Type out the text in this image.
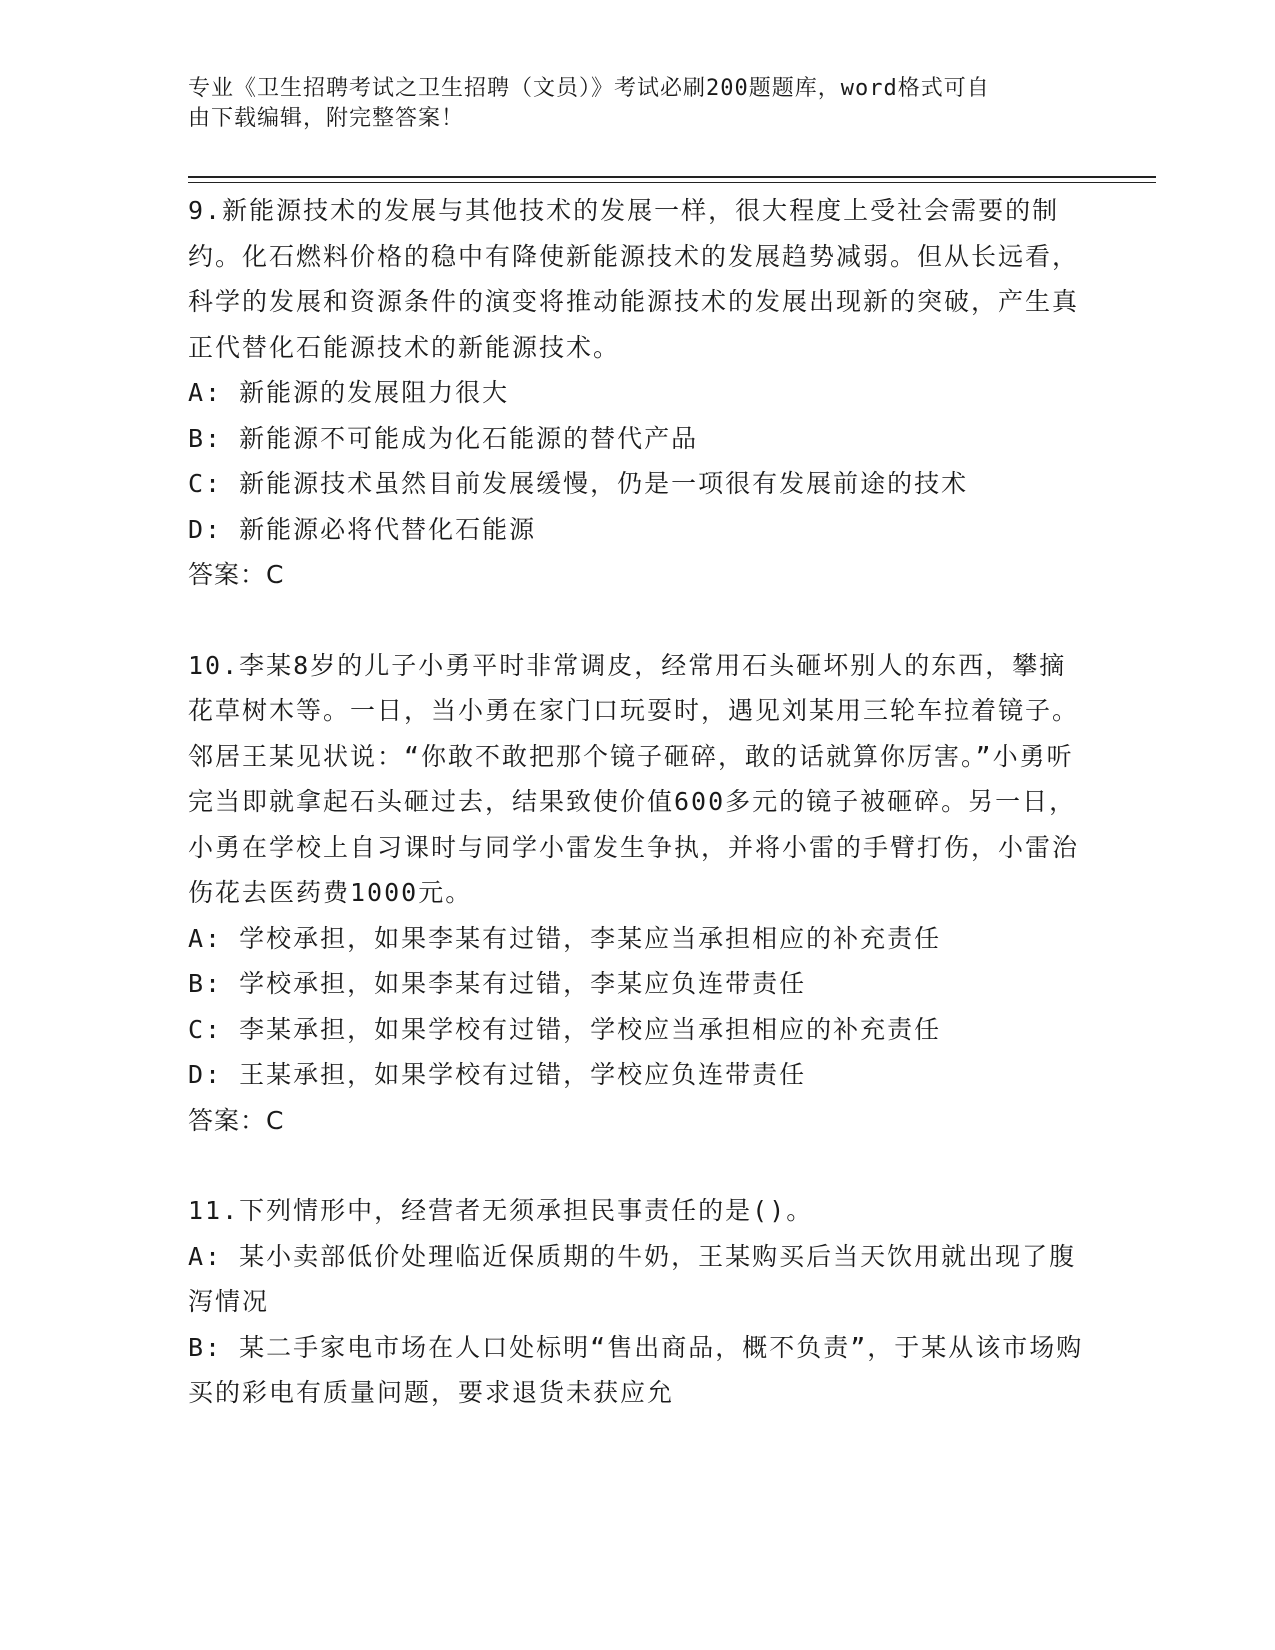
专业《卫生招聘考试之卫生招聘（文员）》考试必刷200题题库，word格式可自
由下载编辑，附完整答案！
9.新能源技术的发展与其他技术的发展一样，很大程度上受社会需要的制约。化石燃料价格的稳中有降使新能源技术的发展趋势减弱。但从长远看，科学的发展和资源条件的演变将推动能源技术的发展出现新的突破，产生真正代替化石能源技术的新能源技术。
A: 新能源的发展阻力很大
B: 新能源不可能成为化石能源的替代产品
C: 新能源技术虽然目前发展缓慢，仍是一项很有发展前途的技术
D: 新能源必将代替化石能源
答案：C
10.李某8岁的儿子小勇平时非常调皮，经常用石头砸坏别人的东西，攀摘花草树木等。一日，当小勇在家门口玩耍时，遇见刘某用三轮车拉着镜子。邻居王某见状说：“你敢不敢把那个镜子砸碎，敢的话就算你厉害。”小勇听完当即就拿起石头砸过去，结果致使价值600多元的镜子被砸碎。另一日，小勇在学校上自习课时与同学小雷发生争执，并将小雷的手臂打伤，小雷治伤花去医药费1000元。
A: 学校承担，如果李某有过错，李某应当承担相应的补充责任
B: 学校承担，如果李某有过错，李某应负连带责任
C: 李某承担，如果学校有过错，学校应当承担相应的补充责任
D: 王某承担，如果学校有过错，学校应负连带责任
答案：C
11.下列情形中，经营者无须承担民事责任的是()。
A: 某小卖部低价处理临近保质期的牛奶，王某购买后当天饮用就出现了腹泻情况
B: 某二手家电市场在人口处标明“售出商品，概不负责”，于某从该市场购买的彩电有质量问题，要求退货未获应允
